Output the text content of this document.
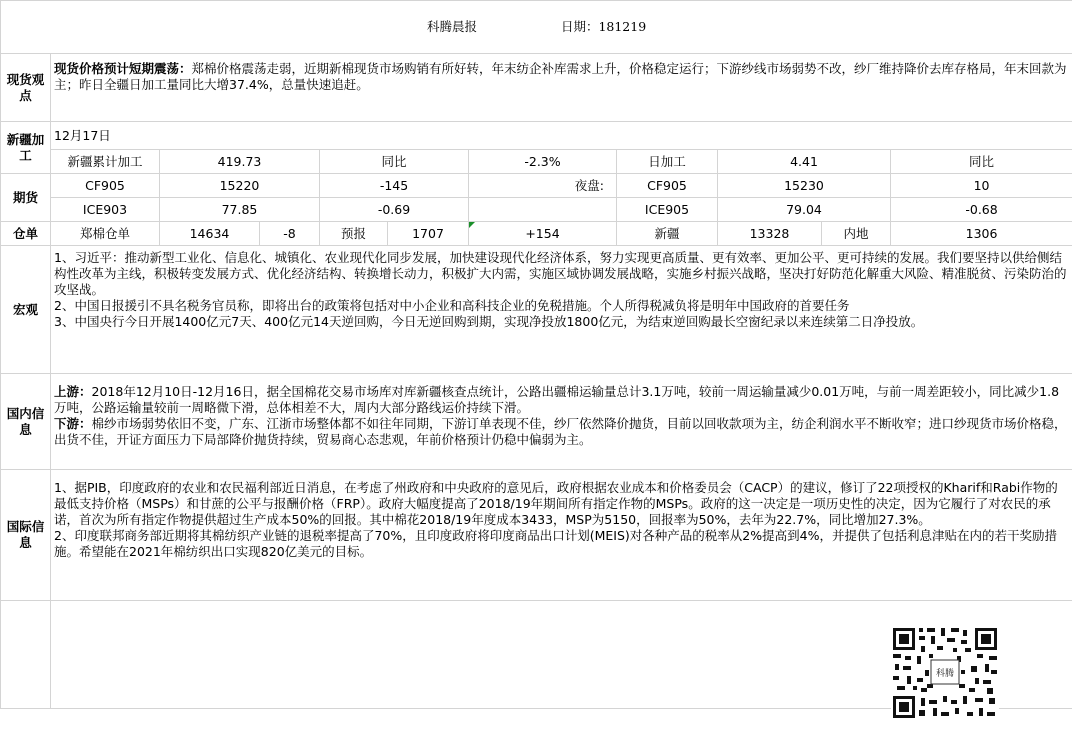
科腾晨报 日期：181219											
现货观点	现货价格预计短期震荡：郑棉价格震荡走弱，近期新棉现货市场购销有所好转，年末纺企补库需求上升，价格稳定运行；下游纱线市场弱势不改，纱厂维持降价去库存格局，年末回款为主；昨日全疆日加工量同比大增37.4%，总量快速追赶。										
新疆加工	12月17日										
	新疆累计加工	419.73		同比		-2.3%	日加工	4.41		同比	
期货	CF905	15220		-145		夜盘:	CF905	15230		10	
	ICE903	77.85		-0.69			ICE905	79.04		-0.68	
仓单	郑棉仓单	14634	-8	预报	1707	+154	新疆	13328	内地	1306	
宏观	1、习近平：推动新型工业化、信息化、城镇化、农业现代化同步发展，加快建设现代化经济体系，努力实现更高质量、更有效率、更加公平、更可持续的发展。我们要坚持以供给侧结构性改革为主线，积极转变发展方式、优化经济结构、转换增长动力，积极扩大内需，实施区域协调发展战略，实施乡村振兴战略，坚决打好防范化解重大风险、精准脱贫、污染防治的攻坚战。

2、中国日报援引不具名税务官员称，即将出台的政策将包括对中小企业和高科技企业的免税措施。个人所得税减负将是明年中国政府的首要任务

3、中国央行今日开展1400亿元7天、400亿元14天逆回购，今日无逆回购到期，实现净投放1800亿元，为结束逆回购最长空窗纪录以来连续第二日净投放。										

国内信息	上游：2018年12月10日-12月16日，据全国棉花交易市场库对库新疆核查点统计，公路出疆棉运输量总计3.1万吨，较前一周运输量减少0.01万吨，与前一周差距较小，同比减少1.8万吨，公路运输量较前一周略微下滑，总体相差不大，周内大部分路线运价持续下滑。

下游：棉纱市场弱势依旧不变，广东、江浙市场整体都不如往年同期，下游订单表现不佳，纱厂依然降价抛货，目前以回收款项为主，纺企利润水平不断收窄；进口纱现货市场价格稳，出货不佳，开证方面压力下局部降价抛货持续，贸易商心态悲观，年前价格预计仍稳中偏弱为主。										

国际信息	1、据PIB，印度政府的农业和农民福利部近日消息，在考虑了州政府和中央政府的意见后，政府根据农业成本和价格委员会（CACP）的建议，修订了22项授权的Kharif和Rabi作物的最低支持价格（MSPs）和甘蔗的公平与报酬价格（FRP）。政府大幅度提高了2018/19年期间所有指定作物的MSPs。政府的这一决定是一项历史性的决定，因为它履行了对农民的承诺，首次为所有指定作物提供超过生产成本50%的回报。其中棉花2018/19年度成本3433，MSP为5150，回报率为50%，去年为22.7%，同比增加27.3%。

2、印度联邦商务部近期将其棉纺织产业链的退税率提高了70%，且印度政府将印度商品出口计划(MEIS)对各种产品的税率从2%提高到4%，并提供了包括利息津贴在内的若干奖励措施。希望能在2021年棉纺织出口实现820亿美元的目标。										

科腾
